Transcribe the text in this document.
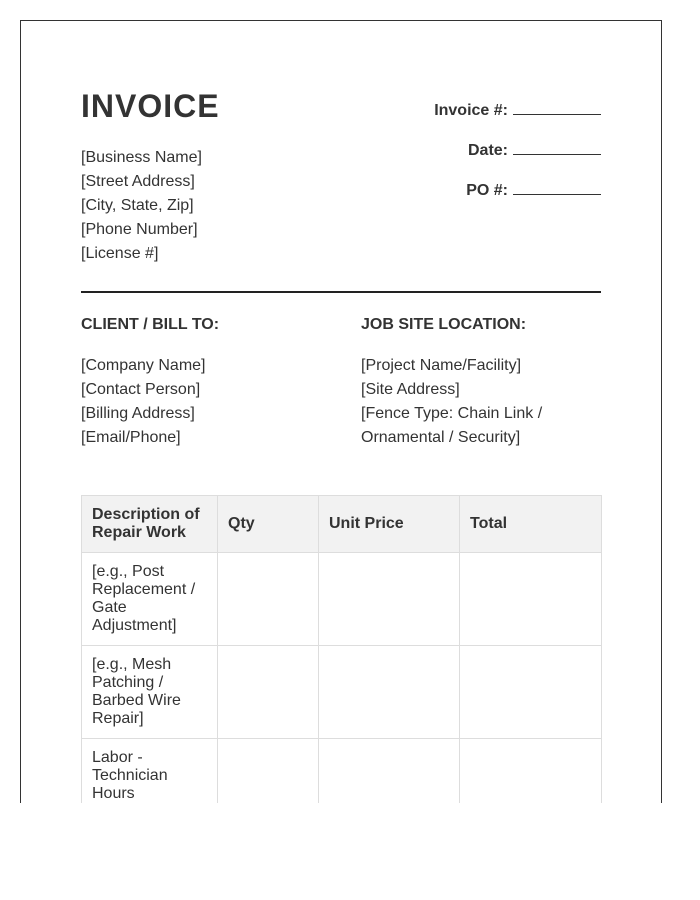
INVOICE
[Business Name]
[Street Address]
[City, State, Zip]
[Phone Number]
[License #]
Invoice #:
Date:
PO #:
CLIENT / BILL TO:
[Company Name]
[Contact Person]
[Billing Address]
[Email/Phone]
JOB SITE LOCATION:
[Project Name/Facility]
[Site Address]
[Fence Type: Chain Link /
Ornamental / Security]
Description of Repair Work	Qty	Unit Price	Total
[e.g., Post Replacement / Gate Adjustment]			
[e.g., Mesh Patching / Barbed Wire Repair]			
Labor - Technician Hours			
